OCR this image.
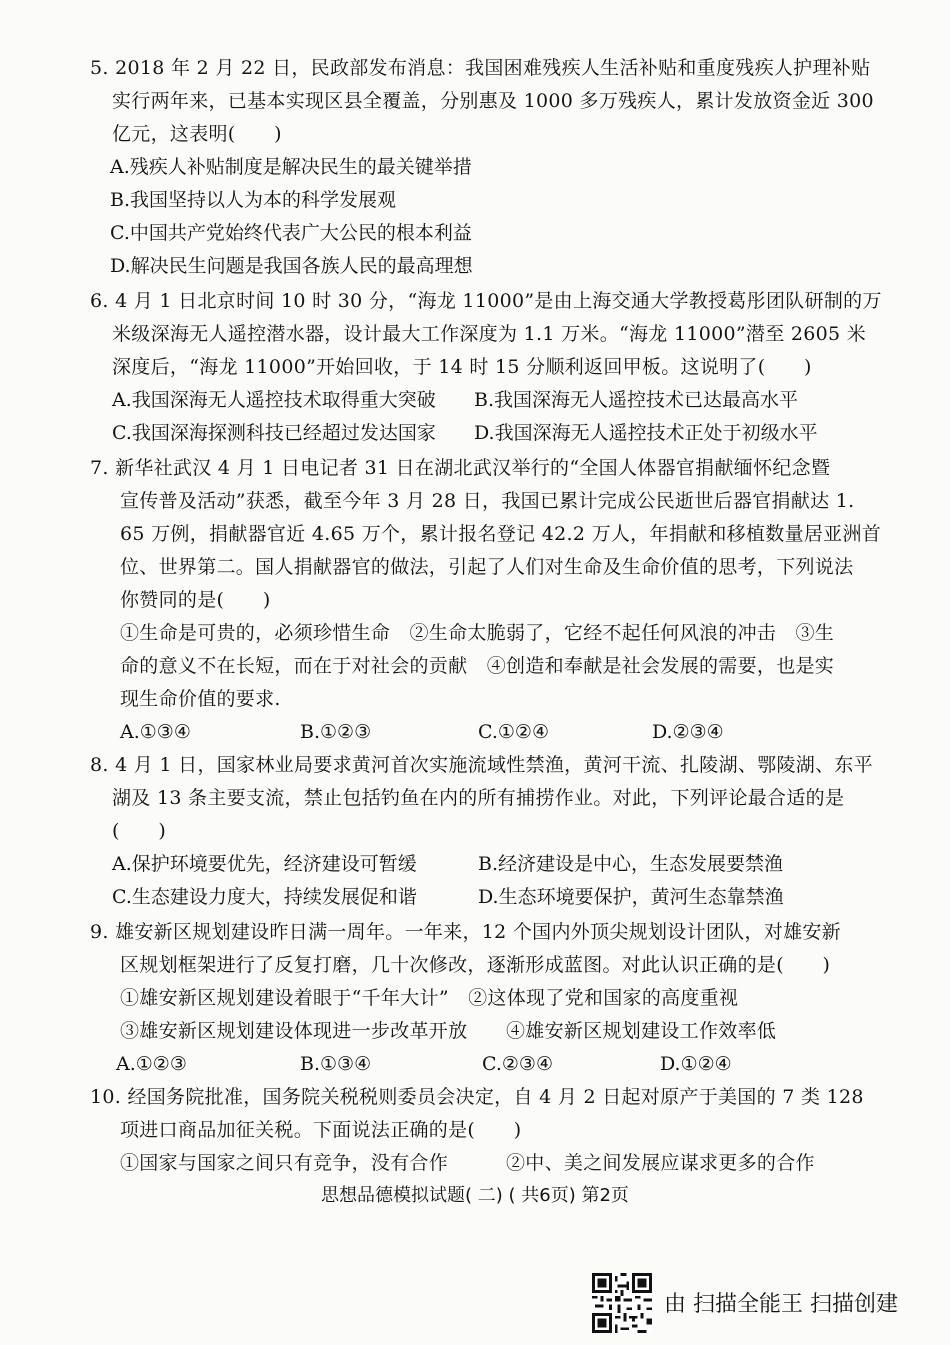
5. 2018 年 2 月 22 日，民政部发布消息：我国困难残疾人生活补贴和重度残疾人护理补贴
实行两年来，已基本实现区县全覆盖，分别惠及 1000 多万残疾人，累计发放资金近 300
亿元，这表明(　　)
A.残疾人补贴制度是解决民生的最关键举措
B.我国坚持以人为本的科学发展观
C.中国共产党始终代表广大公民的根本利益
D.解决民生问题是我国各族人民的最高理想
6. 4 月 1 日北京时间 10 时 30 分，“海龙 11000”是由上海交通大学教授葛彤团队研制的万
米级深海无人遥控潜水器，设计最大工作深度为 1.1 万米。“海龙 11000”潜至 2605 米
深度后，“海龙 11000”开始回收，于 14 时 15 分顺利返回甲板。这说明了(　　)
A.我国深海无人遥控技术取得重大突破 B.我国深海无人遥控技术已达最高水平
C.我国深海探测科技已经超过发达国家 D.我国深海无人遥控技术正处于初级水平
7. 新华社武汉 4 月 1 日电记者 31 日在湖北武汉举行的“全国人体器官捐献缅怀纪念暨
宣传普及活动”获悉，截至今年 3 月 28 日，我国已累计完成公民逝世后器官捐献达 1.
65 万例，捐献器官近 4.65 万个，累计报名登记 42.2 万人，年捐献和移植数量居亚洲首
位、世界第二。国人捐献器官的做法，引起了人们对生命及生命价值的思考，下列说法
你赞同的是(　　)
①生命是可贵的，必须珍惜生命　②生命太脆弱了，它经不起任何风浪的冲击　③生
命的意义不在长短，而在于对社会的贡献　④创造和奉献是社会发展的需要，也是实
现生命价值的要求.
A.①③④	B.①②③	C.①②④	D.②③④
8. 4 月 1 日，国家林业局要求黄河首次实施流域性禁渔，黄河干流、扎陵湖、鄂陵湖、东平
湖及 13 条主要支流，禁止包括钓鱼在内的所有捕捞作业。对此，下列评论最合适的是
(　　)
A.保护环境要优先，经济建设可暂缓	B.经济建设是中心，生态发展要禁渔
C.生态建设力度大，持续发展促和谐	D.生态环境要保护，黄河生态靠禁渔
9. 雄安新区规划建设昨日满一周年。一年来，12 个国内外顶尖规划设计团队，对雄安新
区规划框架进行了反复打磨，几十次修改，逐渐形成蓝图。对此认识正确的是(　　)
①雄安新区规划建设着眼于“千年大计”　②这体现了党和国家的高度重视
③雄安新区规划建设体现进一步改革开放　　④雄安新区规划建设工作效率低
A.①②③	B.①③④	C.②③④	D.①②④
10. 经国务院批准，国务院关税税则委员会决定，自 4 月 2 日起对原产于美国的 7 类 128
项进口商品加征关税。下面说法正确的是(　　)
①国家与国家之间只有竞争，没有合作　　　②中、美之间发展应谋求更多的合作
思想品德模拟试题( 二) ( 共6页) 第2页
由 扫描全能王 扫描创建
